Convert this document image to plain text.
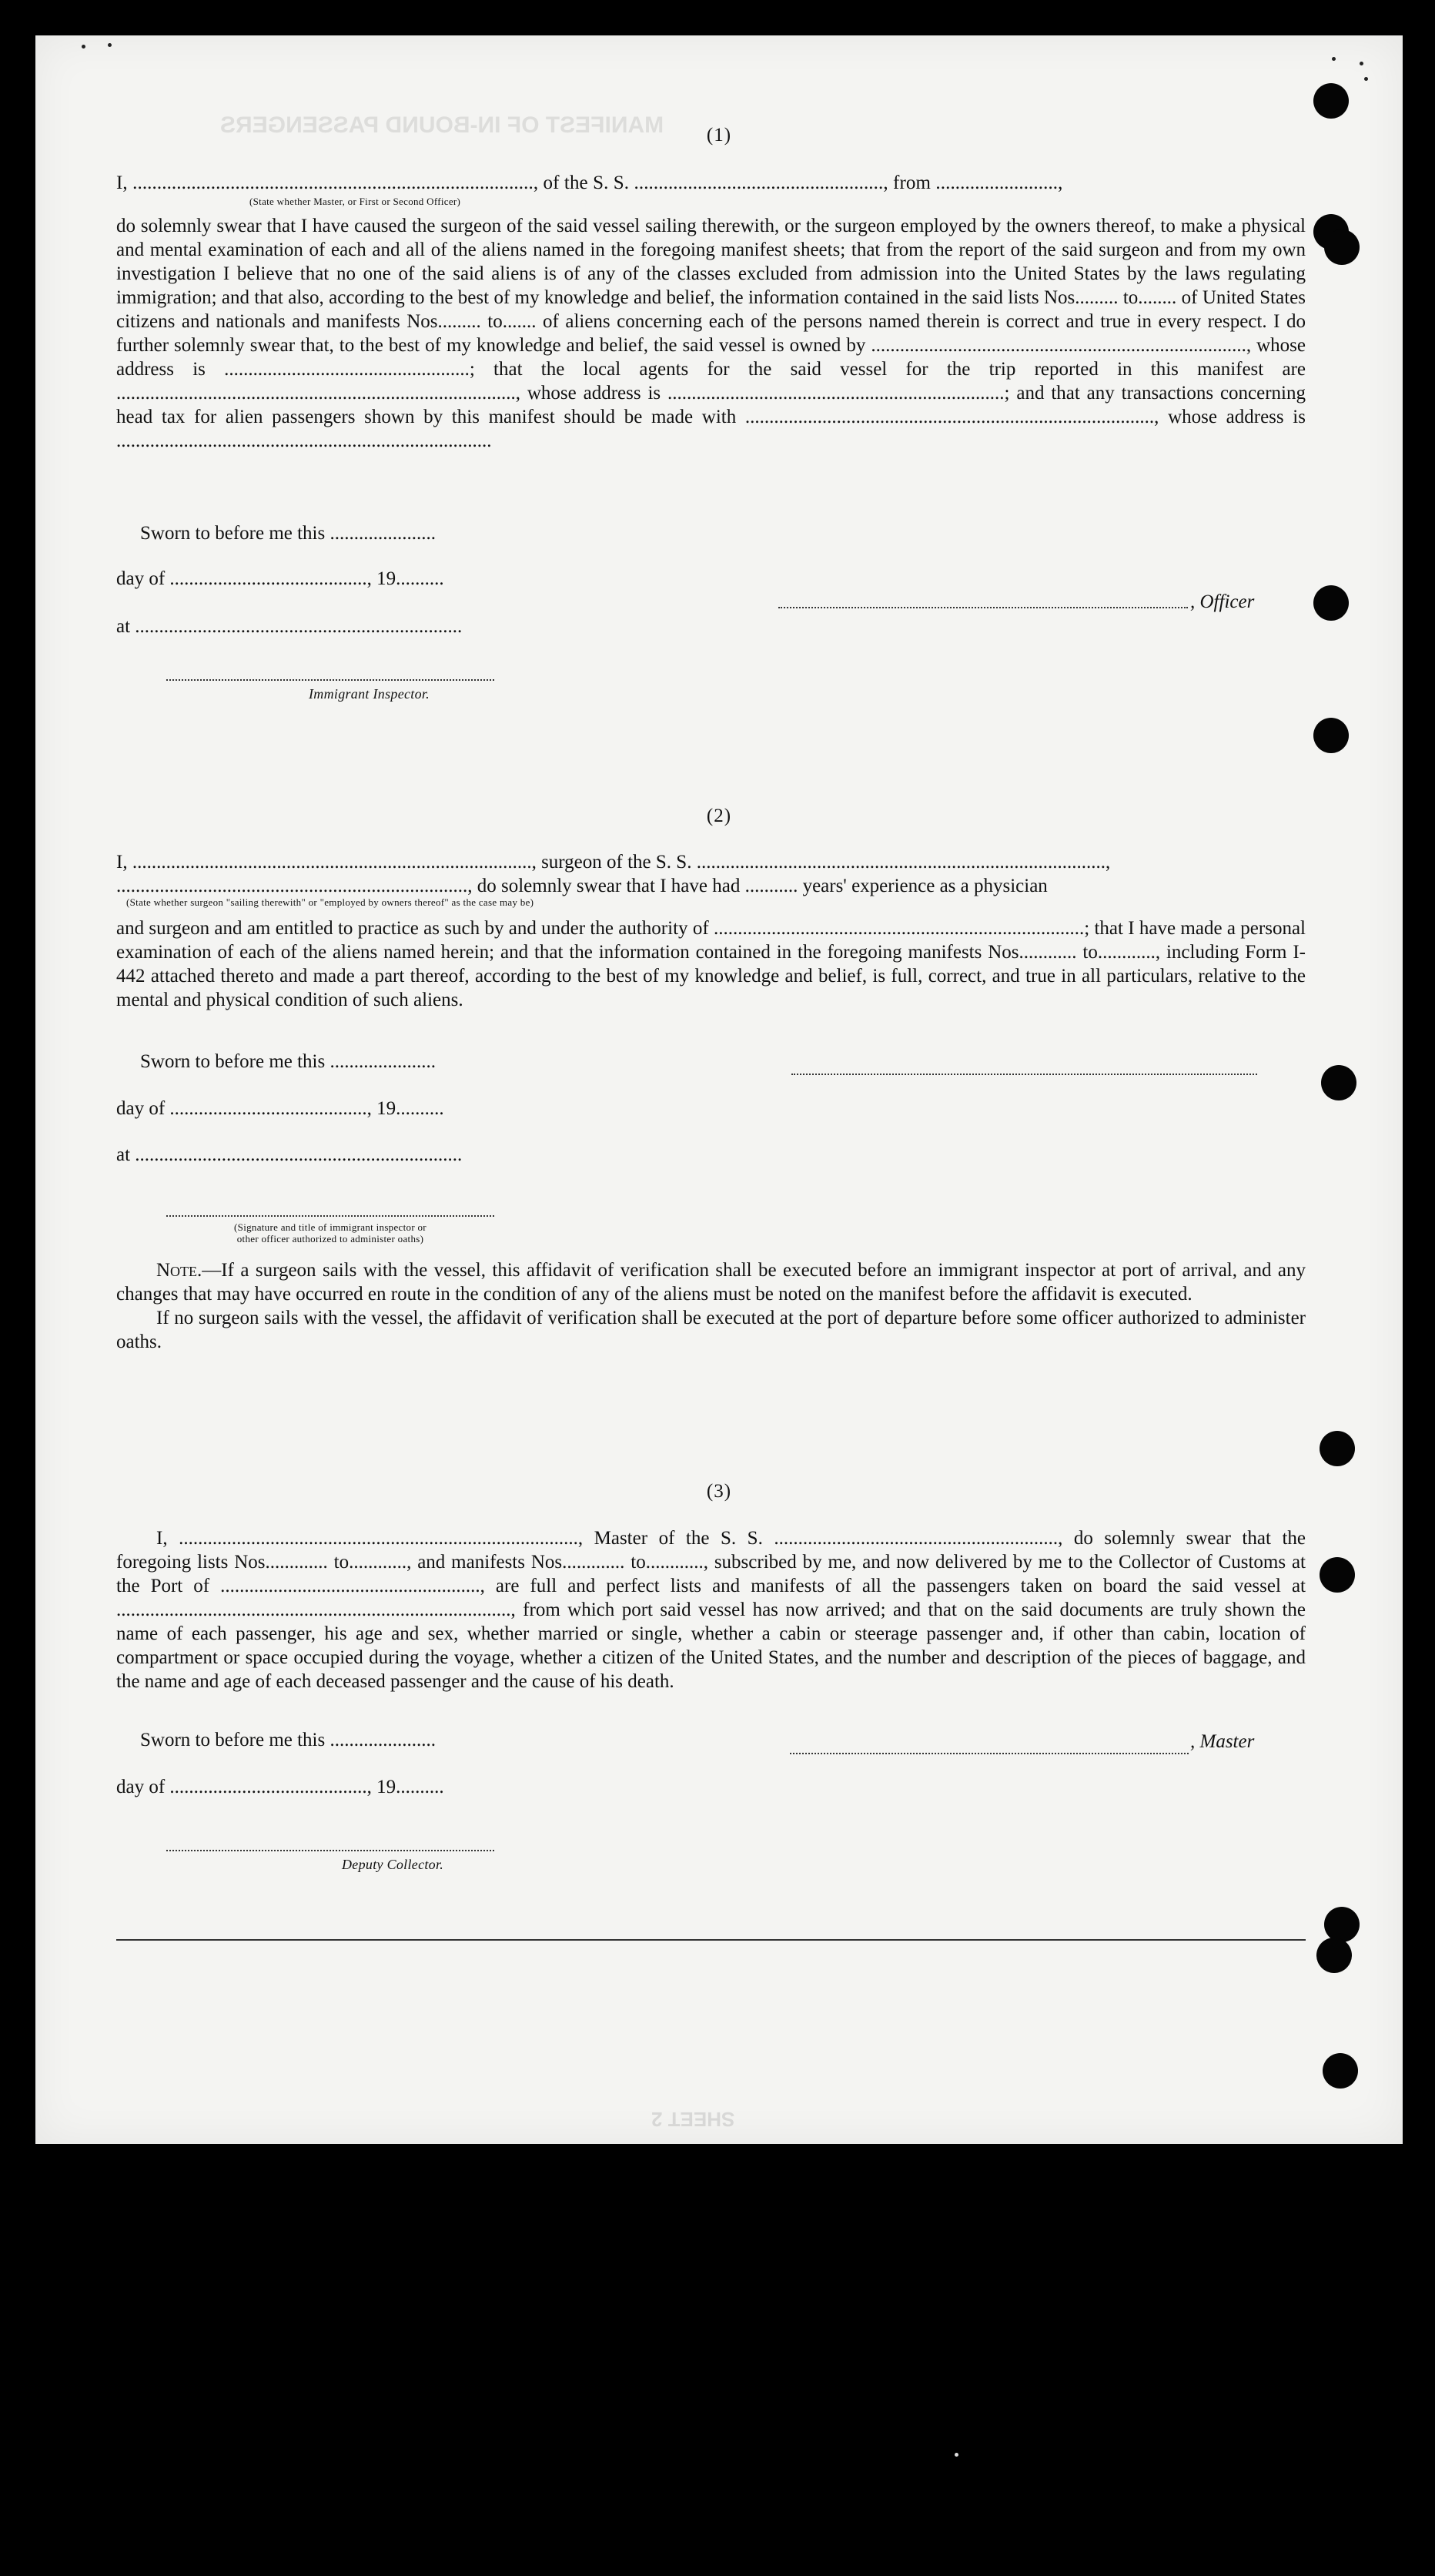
MANIFEST OF IN-BOUND PASSENGERS
SHEET 2
(1)
I, .................................................................................., of the S. S. ..................................................., from .........................,
(State whether Master, or First or Second Officer)

do solemnly swear that I have caused the surgeon of the said vessel sailing therewith, or the surgeon employed by the owners thereof, to make a physical and mental examination of each and all of the aliens named in the foregoing manifest sheets; that from the report of the said surgeon and from my own investigation I believe that no one of the said aliens is of any of the classes excluded from admission into the United States by the laws regulating immigration; and that also, according to the best of my knowledge and belief, the information contained in the said lists Nos......... to........ of United States citizens and nationals and manifests Nos......... to....... of aliens concerning each of the persons named therein is correct and true in every respect. I do further solemnly swear that, to the best of my knowledge and belief, the said vessel is owned by .............................................................................., whose address is ...................................................; that the local agents for the said vessel for the trip reported in this manifest are ..................................................................................., whose address is ......................................................................; and that any transactions concerning head tax for alien passengers shown by this manifest should be made with ....................................................................................., whose address is ..............................................................................

Sworn to before me this ......................
day of ........................................., 19..........
at ....................................................................
, Officer
Immigrant Inspector.
(2)
I, ..................................................................................., surgeon of the S. S. .....................................................................................,
........................................................................., do solemnly swear that I have had ........... years' experience as a physician
(State whether surgeon "sailing therewith" or "employed by owners thereof" as the case may be)

and surgeon and am entitled to practice as such by and under the authority of .............................................................................; that I have made a personal examination of each of the aliens named herein; and that the information contained in the foregoing manifests Nos............ to............, including Form I-442 attached thereto and made a part thereof, according to the best of my knowledge and belief, is full, correct, and true in all particulars, relative to the mental and physical condition of such aliens.

Sworn to before me this ......................
day of ........................................., 19..........
at ....................................................................
(Signature and title of immigrant inspector or
other officer authorized to administer oaths)

Note.—If a surgeon sails with the vessel, this affidavit of verification shall be executed before an immigrant inspector at port of arrival, and any changes that may have occurred en route in the condition of any of the aliens must be noted on the manifest before the affidavit is executed.

If no surgeon sails with the vessel, the affidavit of verification shall be executed at the port of departure before some officer authorized to administer oaths.

(3)

I, ..................................................................................., Master of the S. S. ..........................................................., do solemnly swear that the foregoing lists Nos............. to............, and manifests Nos............. to............, subscribed by me, and now delivered by me to the Collector of Customs at the Port of ......................................................, are full and perfect lists and manifests of all the passengers taken on board the said vessel at .................................................................................., from which port said vessel has now arrived; and that on the said documents are truly shown the name of each passenger, his age and sex, whether married or single, whether a cabin or steerage passenger and, if other than cabin, location of compartment or space occupied during the voyage, whether a citizen of the United States, and the number and description of the pieces of baggage, and the name and age of each deceased passenger and the cause of his death.

Sworn to before me this ......................	, Master
day of ........................................., 19..........
Deputy Collector.
